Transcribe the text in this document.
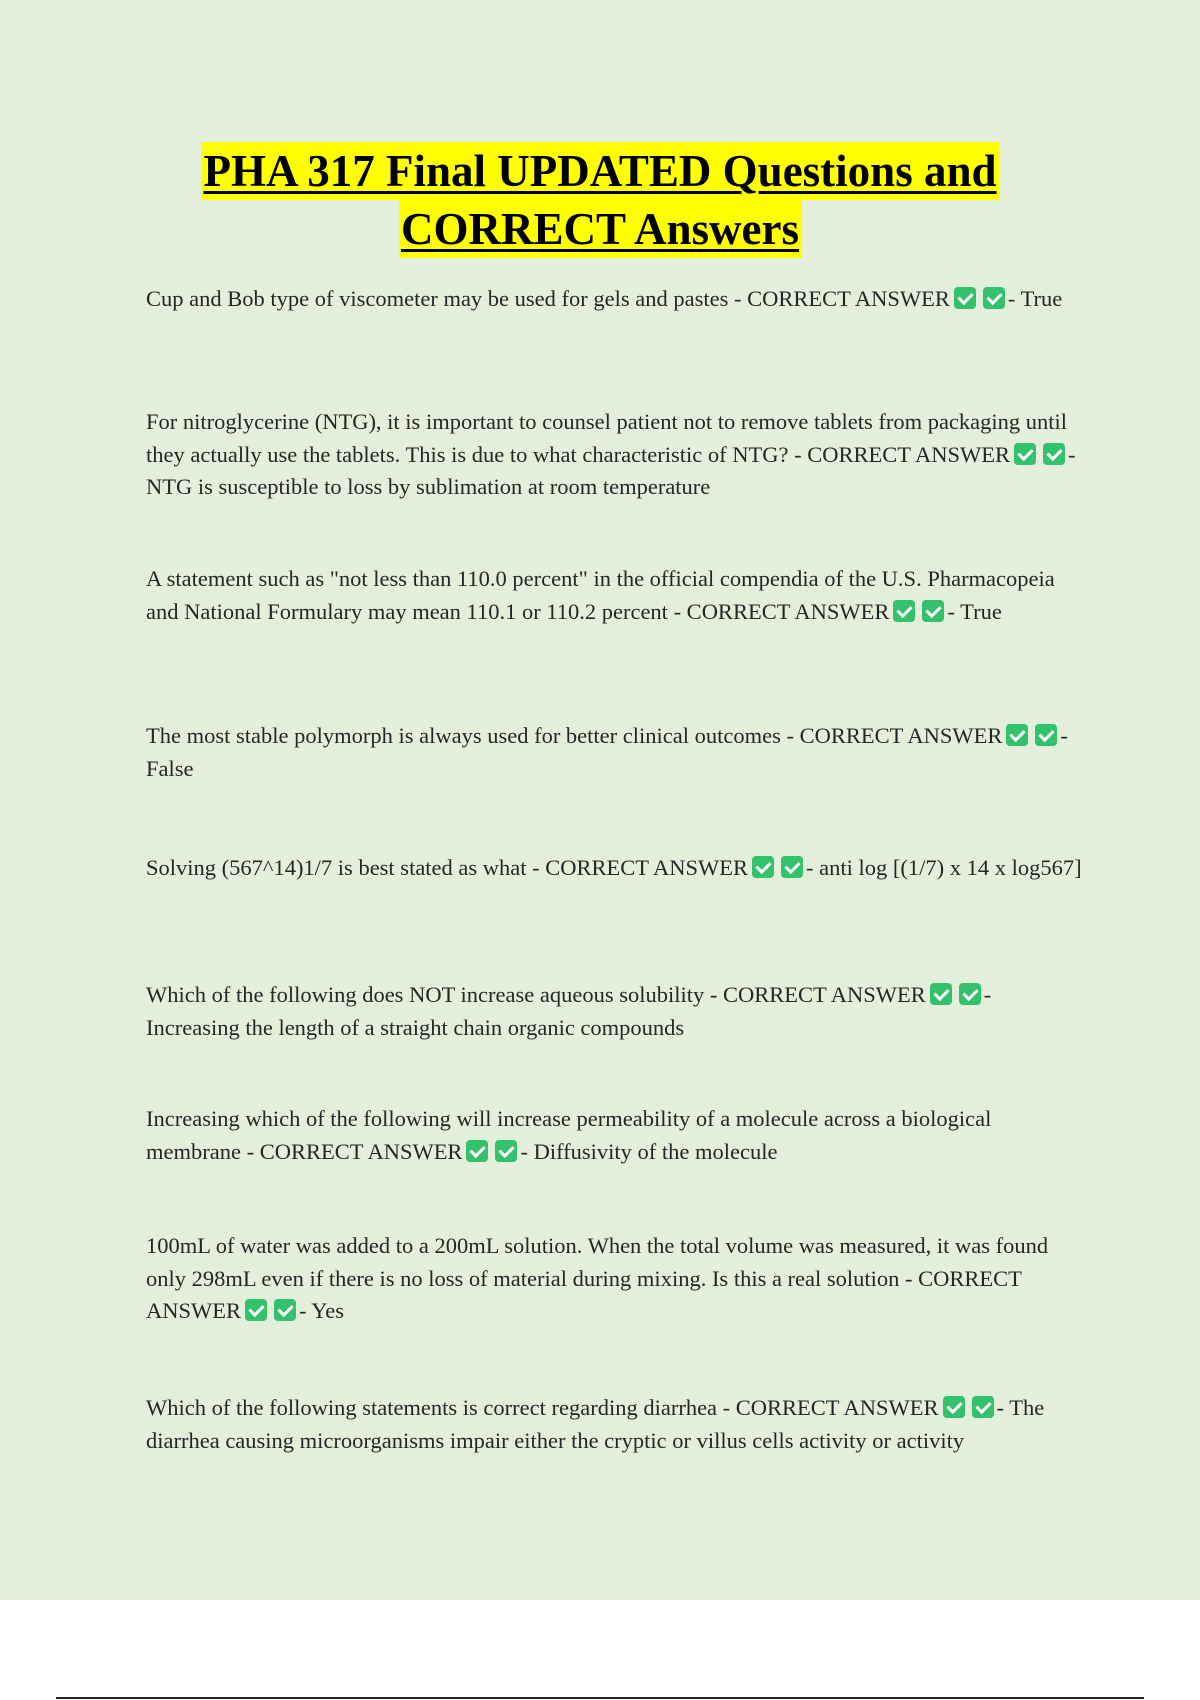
PHA 317 Final UPDATED Questions and
CORRECT Answers
Cup and Bob type of viscometer may be used for gels and pastes - CORRECT ANSWER	- True
For nitroglycerine (NTG), it is important to counsel patient not to remove tablets from packaging until they actually use the tablets. This is due to what characteristic of NTG? - CORRECT ANSWER	- NTG is susceptible to loss by sublimation at room temperature
A statement such as "not less than 110.0 percent" in the official compendia of the U.S. Pharmacopeia and National Formulary may mean 110.1 or 110.2 percent - CORRECT ANSWER	- True
The most stable polymorph is always used for better clinical outcomes - CORRECT ANSWER	- False
Solving (567^14)1/7 is best stated as what - CORRECT ANSWER	- anti log [(1/7) x 14 x log567]
Which of the following does NOT increase aqueous solubility - CORRECT ANSWER	- Increasing the length of a straight chain organic compounds
Increasing which of the following will increase permeability of a molecule across a biological membrane - CORRECT ANSWER	- Diffusivity of the molecule
100mL of water was added to a 200mL solution. When the total volume was measured, it was found only 298mL even if there is no loss of material during mixing. Is this a real solution - CORRECT ANSWER	- Yes
Which of the following statements is correct regarding diarrhea - CORRECT ANSWER	- The diarrhea causing microorganisms impair either the cryptic or villus cells activity or activity
